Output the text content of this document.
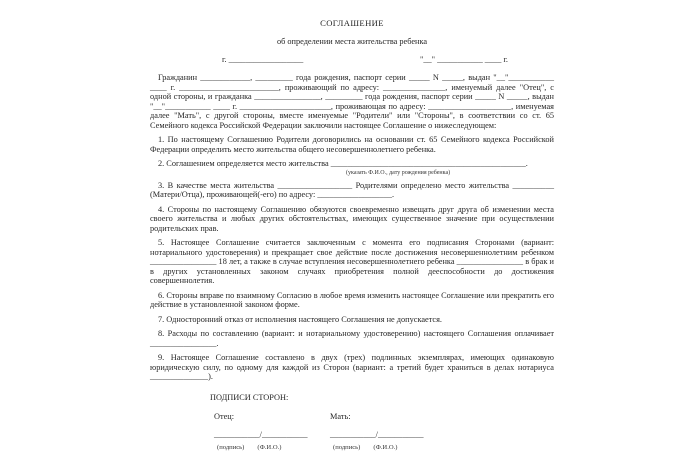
СОГЛАШЕНИЕ
об определении места жительства ребенка
г. __________________	"__" ___________ ____ г.

Гражданин ____________, _________ года рождения, паспорт серии _____ N _____, выдан "__"___________ ____ г. ________________________, проживающий по адресу: _______________, именуемый далее "Отец", с одной стороны, и гражданка ________________, _________ года рождения, паспорт серии _____ N _____, выдан "__"___________ ____ г. ______________________, проживающая по адресу: ____________________, именуемая далее "Мать", с другой стороны, вместе именуемые "Родители" или "Стороны", в соответствии со ст. 65 Семейного кодекса Российской Федерации заключили настоящее Соглашение о нижеследующем:

1. По настоящему Соглашению Родители договорились на основании ст. 65 Семейного кодекса Российской Федерации определить место жительства общего несовершеннолетнего ребенка.

2. Соглашением определяется место жительства _______________________________________________.

(указать Ф.И.О., дату рождения ребенка)

3. В качестве места жительства __________________ Родителями определено место жительства __________ (Матери/Отца), проживающей(-его) по адресу: __________________.

4. Стороны по настоящему Соглашению обязуются своевременно извещать друг друга об изменении места своего жительства и любых других обстоятельствах, имеющих существенное значение при осуществлении родительских прав.

5. Настоящее Соглашение считается заключенным с момента его подписания Сторонами (вариант: нотариального удостоверения) и прекращает свое действие после достижения несовершеннолетним ребенком ________________ 18 лет, а также в случае вступления несовершеннолетнего ребенка ________________ в брак и в других установленных законом случаях приобретения полной дееспособности до достижения совершеннолетия.

6. Стороны вправе по взаимному Согласию в любое время изменить настоящее Соглашение или прекратить его действие в установленной законом форме.

7. Односторонний отказ от исполнения настоящего Соглашения не допускается.

8. Расходы по составлению (вариант: и нотариальному удостоверению) настоящего Соглашения оплачивает ________________.

9. Настоящее Соглашение составлено в двух (трех) подлинных экземплярах, имеющих одинаковую юридическую силу, по одному для каждой из Сторон (вариант: а третий будет храниться в делах нотариуса ______________).

ПОДПИСИ СТОРОН:
Отец:
___________/___________
(подпись) (Ф.И.О.)
Мать:
___________/___________
(подпись) (Ф.И.О.)
